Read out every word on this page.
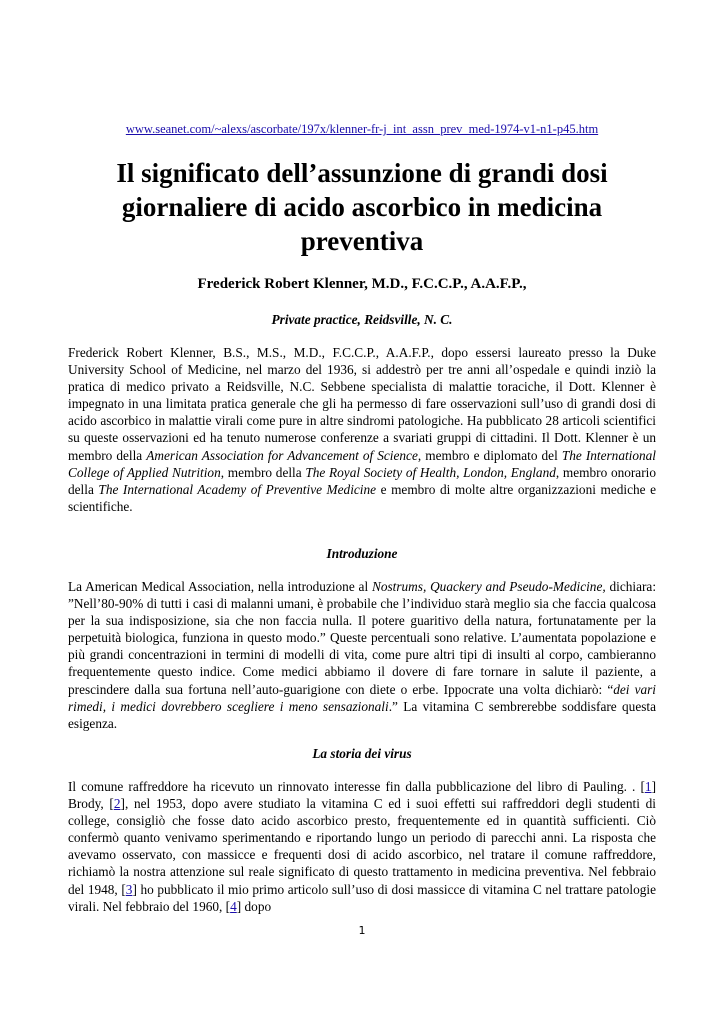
www.seanet.com/~alexs/ascorbate/197x/klenner-fr-j_int_assn_prev_med-1974-v1-n1-p45.htm
Il significato dell’assunzione di grandi dosi
giornaliere di acido ascorbico in medicina
preventiva

Frederick Robert Klenner, M.D., F.C.C.P., A.A.F.P.,

Private practice, Reidsville, N. C.

Frederick Robert Klenner, B.S., M.S., M.D., F.C.C.P., A.A.F.P., dopo essersi laureato presso la Duke University School of Medicine, nel marzo del 1936, si addestrò per tre anni all’ospedale e quindi inziò la pratica di medico privato a Reidsville, N.C. Sebbene specialista di malattie toraciche, il Dott. Klenner è impegnato in una limitata pratica generale che gli ha permesso di fare osservazioni sull’uso di grandi dosi di acido ascorbico in malattie virali come pure in altre sindromi patologiche. Ha pubblicato 28 articoli scientifici su queste osservazioni ed ha tenuto numerose conferenze a svariati gruppi di cittadini. Il Dott. Klenner è un membro della American Association for Advancement of Science, membro e diplomato del The International College of Applied Nutrition, membro della The Royal Society of Health, London, England, membro onorario della The International Academy of Preventive Medicine e membro di molte altre organizzazioni mediche e scientifiche.

Introduzione

La American Medical Association, nella introduzione al Nostrums, Quackery and Pseudo-Medicine, dichiara: ”Nell’80-90% di tutti i casi di malanni umani, è probabile che l’individuo starà meglio sia che faccia qualcosa per la sua indisposizione, sia che non faccia nulla. Il potere guaritivo della natura, fortunatamente per la perpetuità biologica, funziona in questo modo.” Queste percentuali sono relative. L’aumentata popolazione e più grandi concentrazioni in termini di modelli di vita, come pure altri tipi di insulti al corpo, cambieranno frequentemente questo indice. Come medici abbiamo il dovere di fare tornare in salute il paziente, a prescindere dalla sua fortuna nell’auto-guarigione con diete o erbe. Ippocrate una volta dichiarò: “dei vari rimedi, i medici dovrebbero scegliere i meno sensazionali.” La vitamina C sembrerebbe soddisfare questa esigenza.

La storia dei virus

Il comune raffreddore ha ricevuto un rinnovato interesse fin dalla pubblicazione del libro di Pauling. . [1] Brody, [2], nel 1953, dopo avere studiato la vitamina C ed i suoi effetti sui raffreddori degli studenti di college, consigliò che fosse dato acido ascorbico presto, frequentemente ed in quantità sufficienti. Ciò confermò quanto venivamo sperimentando e riportando lungo un periodo di parecchi anni. La risposta che avevamo osservato, con massicce e frequenti dosi di acido ascorbico, nel tratare il comune raffreddore, richiamò la nostra attenzione sul reale significato di questo trattamento in medicina preventiva. Nel febbraio del 1948, [3] ho pubblicato il mio primo articolo sull’uso di dosi massicce di vitamina C nel trattare patologie virali. Nel febbraio del 1960, [4] dopo

1
